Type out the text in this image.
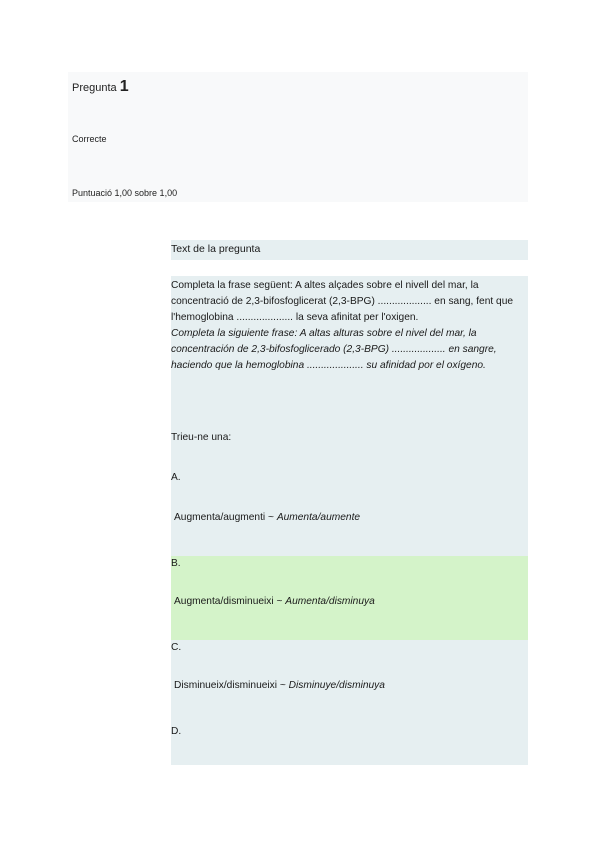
Pregunta 1
Correcte
Puntuació 1,00 sobre 1,00
Text de la pregunta

Completa la frase següent: A altes alçades sobre el nivell del mar, la concentració de 2,3-bifosfoglicerat (2,3-BPG) ................... en sang, fent que l'hemoglobina .................... la seva afinitat per l'oxigen.

Completa la siguiente frase: A altas alturas sobre el nivel del mar, la concentración de 2,3-bifosfoglicerado (2,3-BPG) ................... en sangre, haciendo que la hemoglobina .................... su afinidad por el oxígeno.

Trieu-ne una:
A.
Augmenta/augmenti ~ Aumenta/aumente
B.
Augmenta/disminueixi ~ Aumenta/disminuya
C.
Disminueix/disminueixi ~ Disminuye/disminuya
D.
